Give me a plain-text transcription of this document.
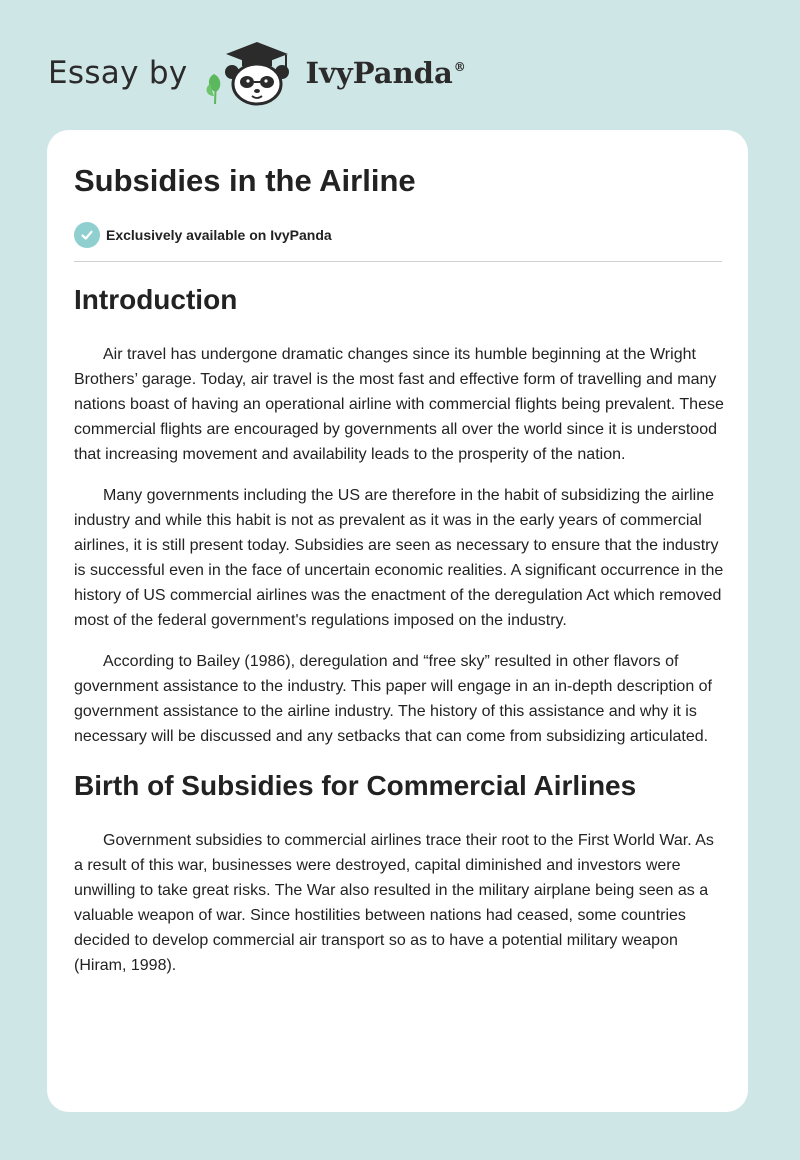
Essay by	IvyPanda®
Subsidies in the Airline
Exclusively available on IvyPanda
Introduction

Air travel has undergone dramatic changes since its humble beginning at the Wright Brothers’ garage. Today, air travel is the most fast and effective form of travelling and many nations boast of having an operational airline with commercial flights being prevalent. These commercial flights are encouraged by governments all over the world since it is understood that increasing movement and availability leads to the prosperity of the nation.

Many governments including the US are therefore in the habit of subsidizing the airline industry and while this habit is not as prevalent as it was in the early years of commercial airlines, it is still present today. Subsidies are seen as necessary to ensure that the industry is successful even in the face of uncertain economic realities. A significant occurrence in the history of US commercial airlines was the enactment of the deregulation Act which removed most of the federal government's regulations imposed on the industry.

According to Bailey (1986), deregulation and “free sky” resulted in other flavors of government assistance to the industry. This paper will engage in an in-depth description of government assistance to the airline industry. The history of this assistance and why it is necessary will be discussed and any setbacks that can come from subsidizing articulated.

Birth of Subsidies for Commercial Airlines

Government subsidies to commercial airlines trace their root to the First World War. As a result of this war, businesses were destroyed, capital diminished and investors were unwilling to take great risks. The War also resulted in the military airplane being seen as a valuable weapon of war. Since hostilities between nations had ceased, some countries decided to develop commercial air transport so as to have a potential military weapon (Hiram, 1998).
